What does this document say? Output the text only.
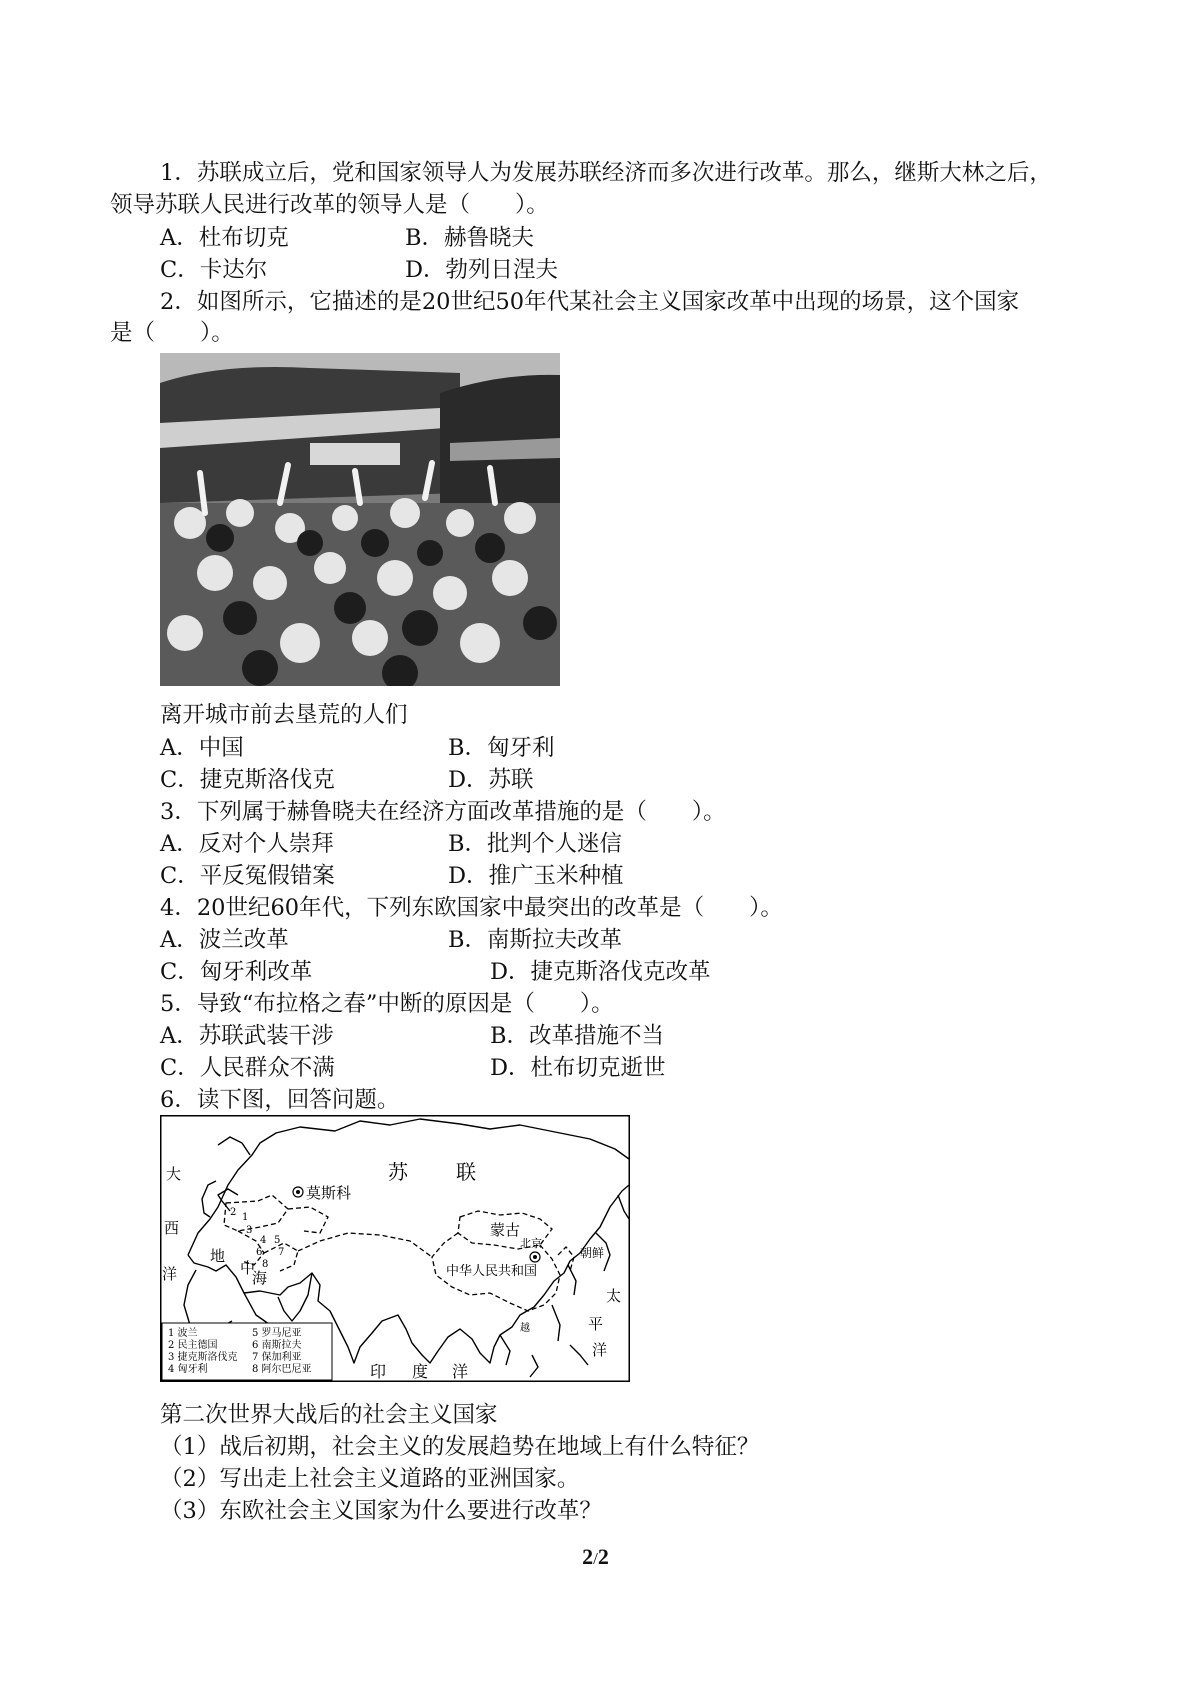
1．苏联成立后，党和国家领导人为发展苏联经济而多次进行改革。那么，继斯大林之后，
领导苏联人民进行改革的领导人是（　　）。
A．杜布切克	B．赫鲁晓夫
C．卡达尔	D．勃列日涅夫
2．如图所示，它描述的是20世纪50年代某社会主义国家改革中出现的场景，这个国家
是（　　）。
离开城市前去垦荒的人们
A．中国	B．匈牙利
C．捷克斯洛伐克	D．苏联
3．下列属于赫鲁晓夫在经济方面改革措施的是（　　）。
A．反对个人崇拜	B．批判个人迷信
C．平反冤假错案	D．推广玉米种植
4．20世纪60年代，下列东欧国家中最突出的改革是（　　）。
A．波兰改革	B．南斯拉夫改革
C．匈牙利改革	D．捷克斯洛伐克改革
5．导致“布拉格之春”中断的原因是（　　）。
A．苏联武装干涉	B．改革措施不当
C．人民群众不满	D．杜布切克逝世
6．读下图，回答问题。
苏 联
莫斯科
蒙古
北京
朝鲜
中华人民共和国
大
西
洋
地
中
海
太
平
洋
印 度 洋
越
1
2
3
4 5
6 7
8
1 波兰
2 民主德国
3 捷克斯洛伐克
4 匈牙利
5 罗马尼亚
6 南斯拉夫
7 保加利亚
8 阿尔巴尼亚
第二次世界大战后的社会主义国家
（1）战后初期，社会主义的发展趋势在地域上有什么特征？
（2）写出走上社会主义道路的亚洲国家。
（3）东欧社会主义国家为什么要进行改革？
2/2
